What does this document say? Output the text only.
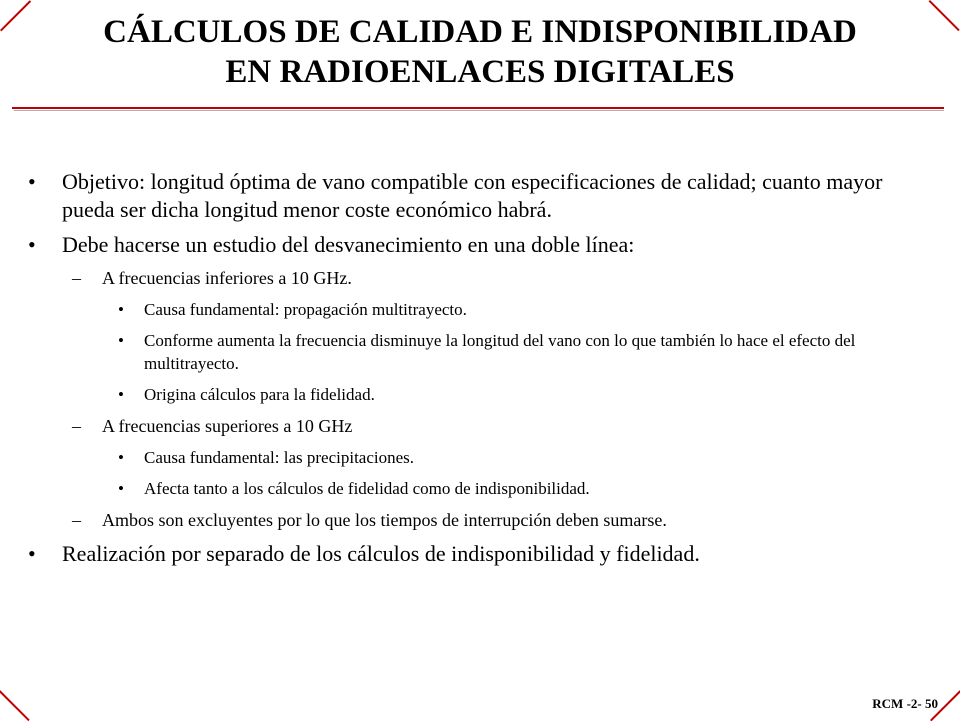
CÁLCULOS DE CALIDAD E INDISPONIBILIDAD
EN RADIOENLACES DIGITALES
• Objetivo: longitud óptima de vano compatible con especificaciones de calidad; cuanto mayor pueda ser dicha longitud menor coste económico habrá.
• Debe hacerse un estudio del desvanecimiento en una doble línea:
– A frecuencias inferiores a 10 GHz.
• Causa fundamental: propagación multitrayecto.
• Conforme aumenta la frecuencia disminuye la longitud del vano con lo que también lo hace el efecto del multitrayecto.
• Origina cálculos para la fidelidad.
– A frecuencias superiores a 10 GHz
• Causa fundamental: las precipitaciones.
• Afecta tanto a los cálculos de fidelidad como de indisponibilidad.
– Ambos son excluyentes por lo que los tiempos de interrupción deben sumarse.
• Realización por separado de los cálculos de indisponibilidad y fidelidad.
RCM -2- 50
